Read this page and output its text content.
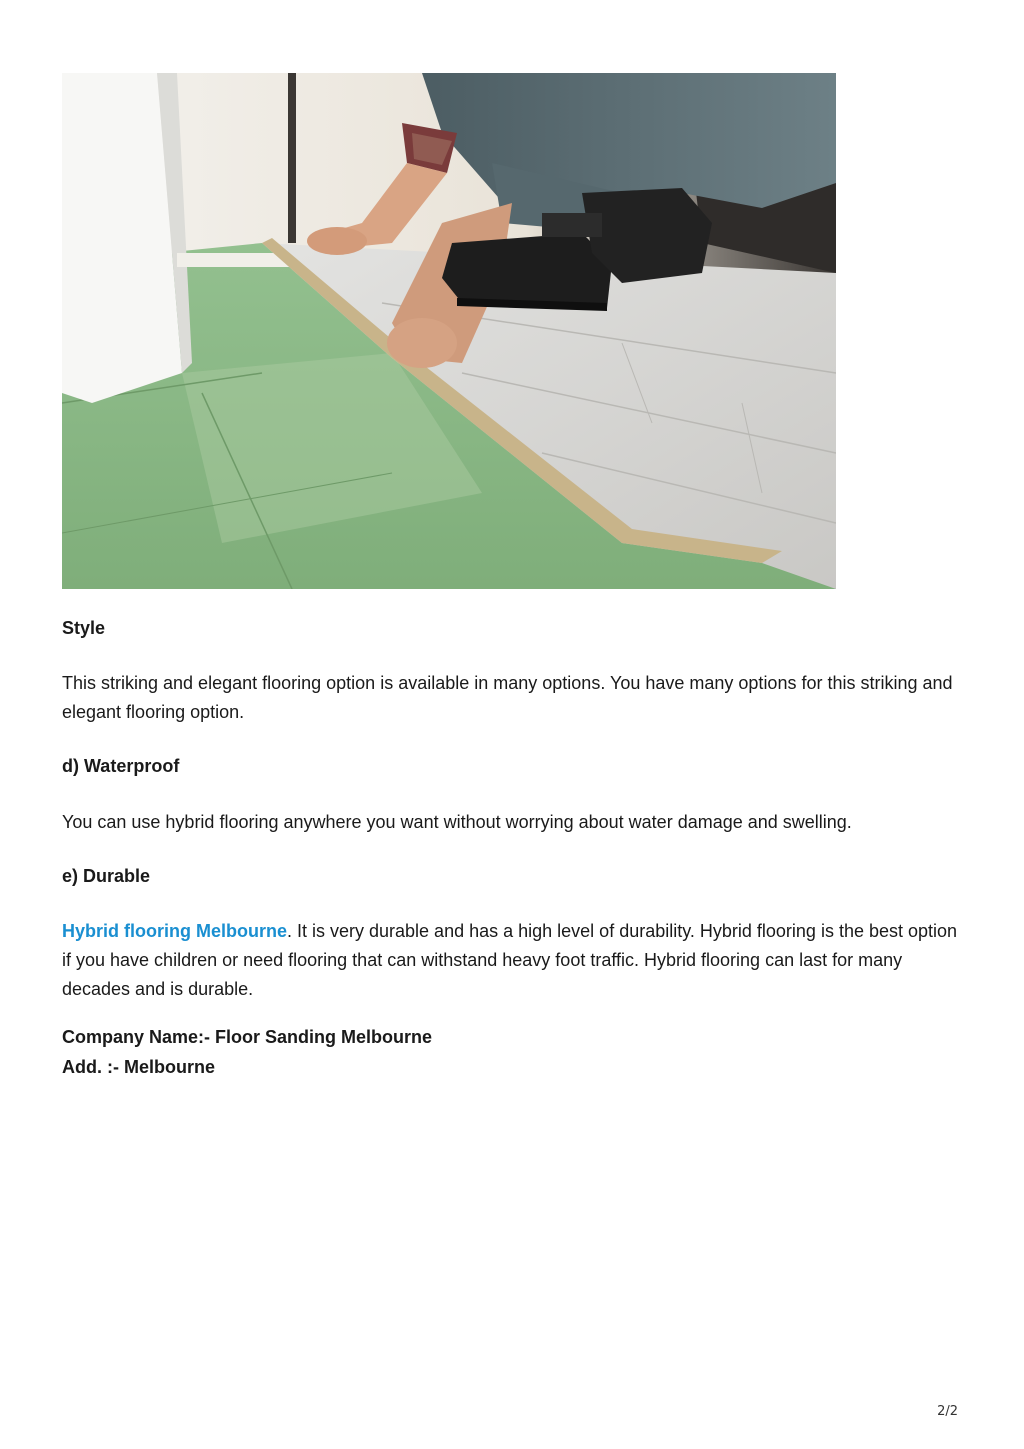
Style

This striking and elegant flooring option is available in many options. You have many options for this striking and elegant flooring option.

d) Waterproof

You can use hybrid flooring anywhere you want without worrying about water damage and swelling.

e) Durable

Hybrid flooring Melbourne. It is very durable and has a high level of durability. Hybrid flooring is the best option if you have children or need flooring that can withstand heavy foot traffic. Hybrid flooring can last for many decades and is durable.

Company Name:- Floor Sanding Melbourne

Add. :- Melbourne

2/2
